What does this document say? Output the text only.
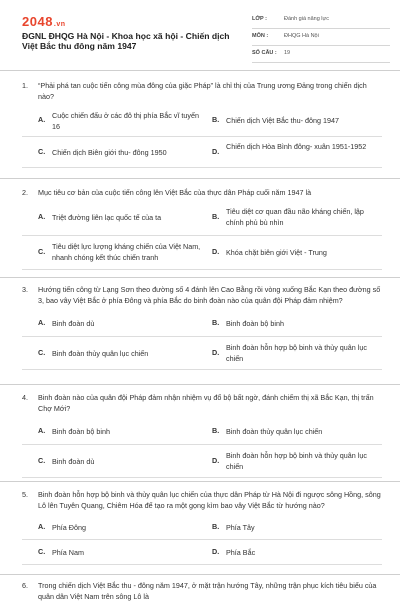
2048.vn
ĐGNL ĐHQG Hà Nội - Khoa học xã hội - Chiến dịch Việt Bắc thu đông năm 1947
LỚP :	Đánh giá năng lực
MÔN :	ĐHQG Hà Nội
SỐ CÂU : 19
1. “Phải phá tan cuộc tiến công mùa đông của giặc Pháp” là chỉ thị của Trung ương Đảng trong chiến dịch nào?
A. Cuộc chiến đấu ở các đô thị phía Bắc vĩ tuyến 16
B. Chiến dịch Việt Bắc thu- đông 1947
C. Chiến dịch Biên giới thu- đông 1950	D.
Chiến dịch Hòa Bình đông- xuân 1951-1952
2. Mục tiêu cơ bản của cuộc tiến công lên Việt Bắc của thực dân Pháp cuối năm 1947 là
A. Triệt đường liên lạc quốc tế của ta	B.
Tiêu diệt cơ quan đầu não kháng chiến, lập chính phủ bù nhìn
C.
Tiêu diệt lực lượng kháng chiến của Việt Nam, nhanh chóng kết thúc chiến tranh
D. Khóa chặt biên giới Việt - Trung
3. Hướng tiến công từ Lạng Sơn theo đường số 4 đánh lên Cao Bằng rồi vòng xuống Bắc Kạn theo đường số 3, bao vây Việt Bắc ở phía Đông và phía Bắc do binh đoàn nào của quân đội Pháp đảm nhiệm?
A. Binh đoàn dù	B. Binh đoàn bộ binh
C. Binh đoàn thủy quân lục chiến	D.
Binh đoàn hỗn hợp bộ binh và thủy quân lục chiến
4. Binh đoàn nào của quân đội Pháp đảm nhận nhiệm vụ đổ bộ bất ngờ, đánh chiếm thị xã Bắc Kạn, thị trấn Chợ Mới?
A. Binh đoàn bộ binh	B. Binh đoàn thủy quân lục chiến
C. Binh đoàn dù	D.
Binh đoàn hỗn hợp bộ binh và thủy quân lục chiến
5. Binh đoàn hỗn hợp bộ binh và thủy quân lục chiến của thực dân Pháp từ Hà Nội đi ngược sông Hồng, sông Lô lên Tuyên Quang, Chiêm Hóa để tạo ra một gọng kìm bao vây Việt Bắc từ hướng nào?
A. Phía Đông	B. Phía Tây
C. Phía Nam	D. Phía Bắc
6. Trong chiến dịch Việt Bắc thu - đông năm 1947, ở mặt trận hướng Tây, những trận phục kích tiêu biểu của quân dân Việt Nam trên sông Lô là
